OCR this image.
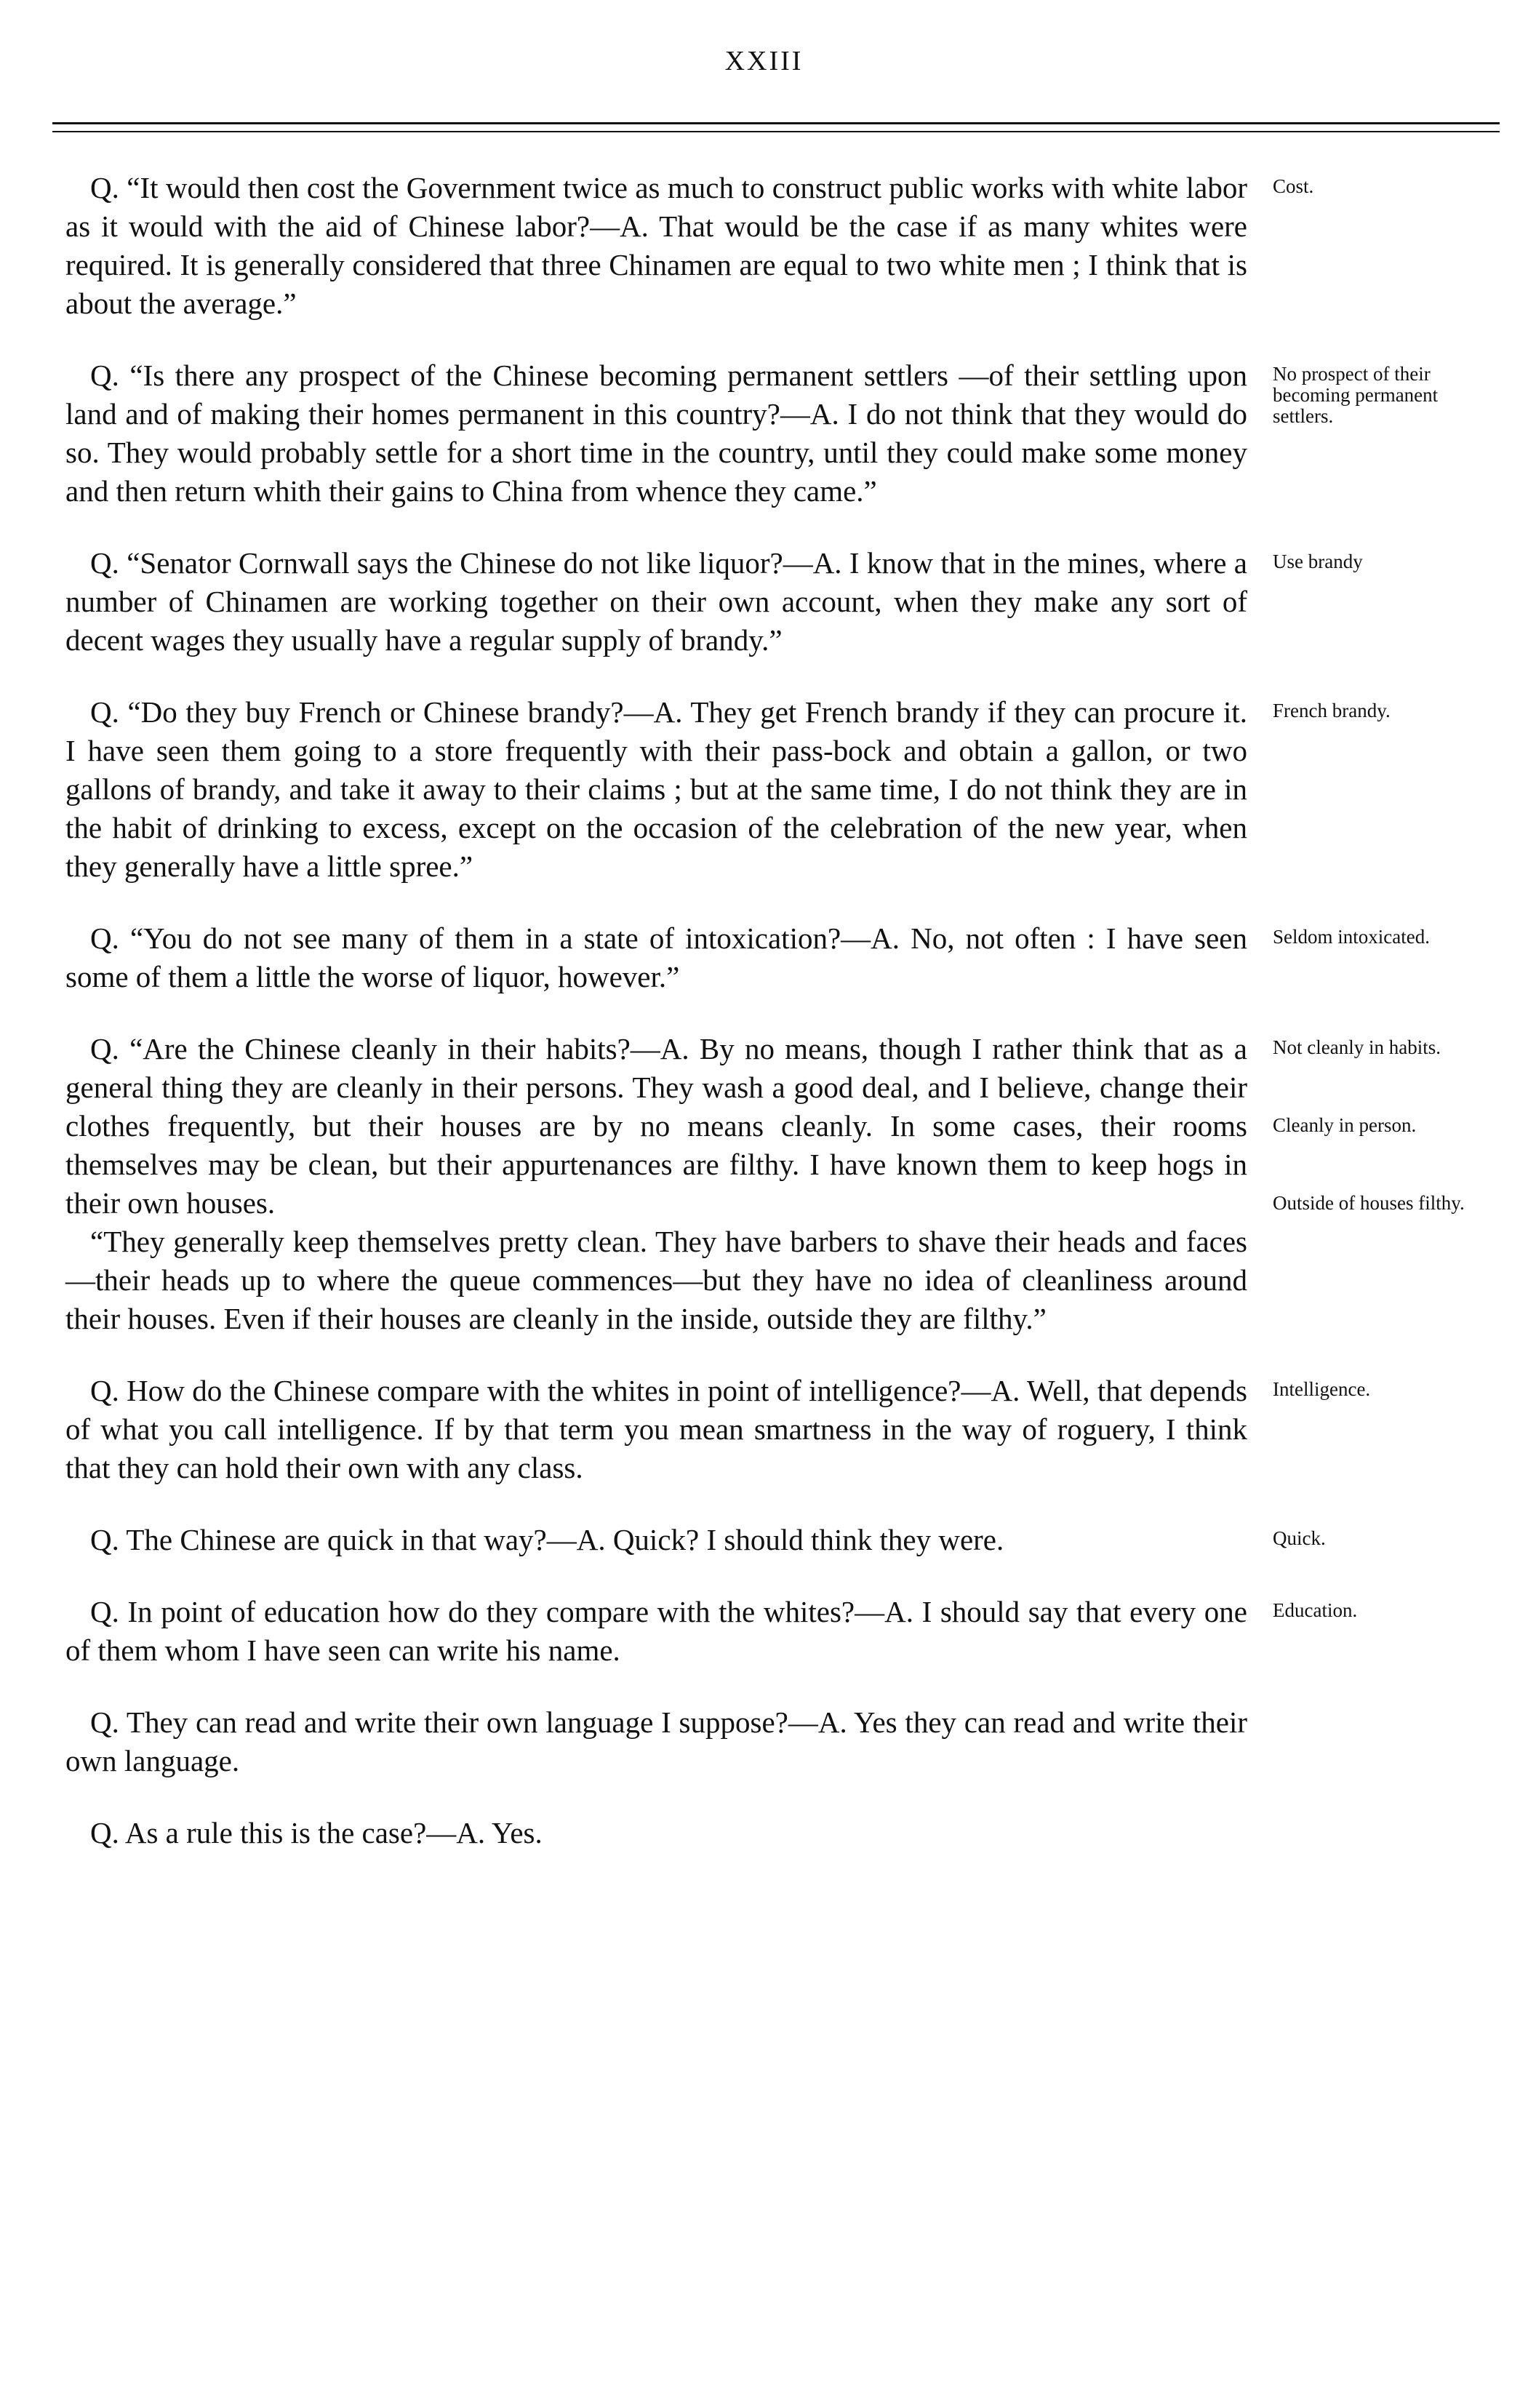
XXIII

Q. “It would then cost the Government twice as much to construct public works with white labor as it would with the aid of Chinese labor?—A. That would be the case if as many whites were required. It is generally considered that three Chinamen are equal to two white men ; I think that is about the average.”

Cost.

Q. “Is there any prospect of the Chinese becoming permanent settlers —of their settling upon land and of making their homes permanent in this country?—A. I do not think that they would do so. They would probably settle for a short time in the country, until they could make some money and then return whith their gains to China from whence they came.”

No prospect of their becoming permanent settlers.

Q. “Senator Cornwall says the Chinese do not like liquor?—A. I know that in the mines, where a number of Chinamen are working together on their own account, when they make any sort of decent wages they usually have a regular supply of brandy.”

Use brandy

Q. “Do they buy French or Chinese brandy?—A. They get French brandy if they can procure it. I have seen them going to a store frequently with their pass-bock and obtain a gallon, or two gallons of brandy, and take it away to their claims ; but at the same time, I do not think they are in the habit of drinking to excess, except on the occasion of the celebration of the new year, when they generally have a little spree.”

French brandy.

Q. “You do not see many of them in a state of intoxication?—A. No, not often : I have seen some of them a little the worse of liquor, however.”

Seldom intoxicated.

Q. “Are the Chinese cleanly in their habits?—A. By no means, though I rather think that as a general thing they are cleanly in their persons. They wash a good deal, and I believe, change their clothes frequently, but their houses are by no means cleanly. In some cases, their rooms themselves may be clean, but their appurtenances are filthy. I have known them to keep hogs in their own houses.

“They generally keep themselves pretty clean. They have barbers to shave their heads and faces—their heads up to where the queue commences—but they have no idea of cleanliness around their houses. Even if their houses are cleanly in the inside, outside they are filthy.”

Not cleanly in habits.
Cleanly in person.
Outside of houses filthy.

Q. How do the Chinese compare with the whites in point of intelligence?—A. Well, that depends of what you call intelligence. If by that term you mean smartness in the way of roguery, I think that they can hold their own with any class.

Intelligence.

Q. The Chinese are quick in that way?—A. Quick? I should think they were.	Quick.

Q. In point of education how do they compare with the whites?—A. I should say that every one of them whom I have seen can write his name.

Education.

Q. They can read and write their own language I suppose?—A. Yes they can read and write their own language.

Q. As a rule this is the case?—A. Yes.
